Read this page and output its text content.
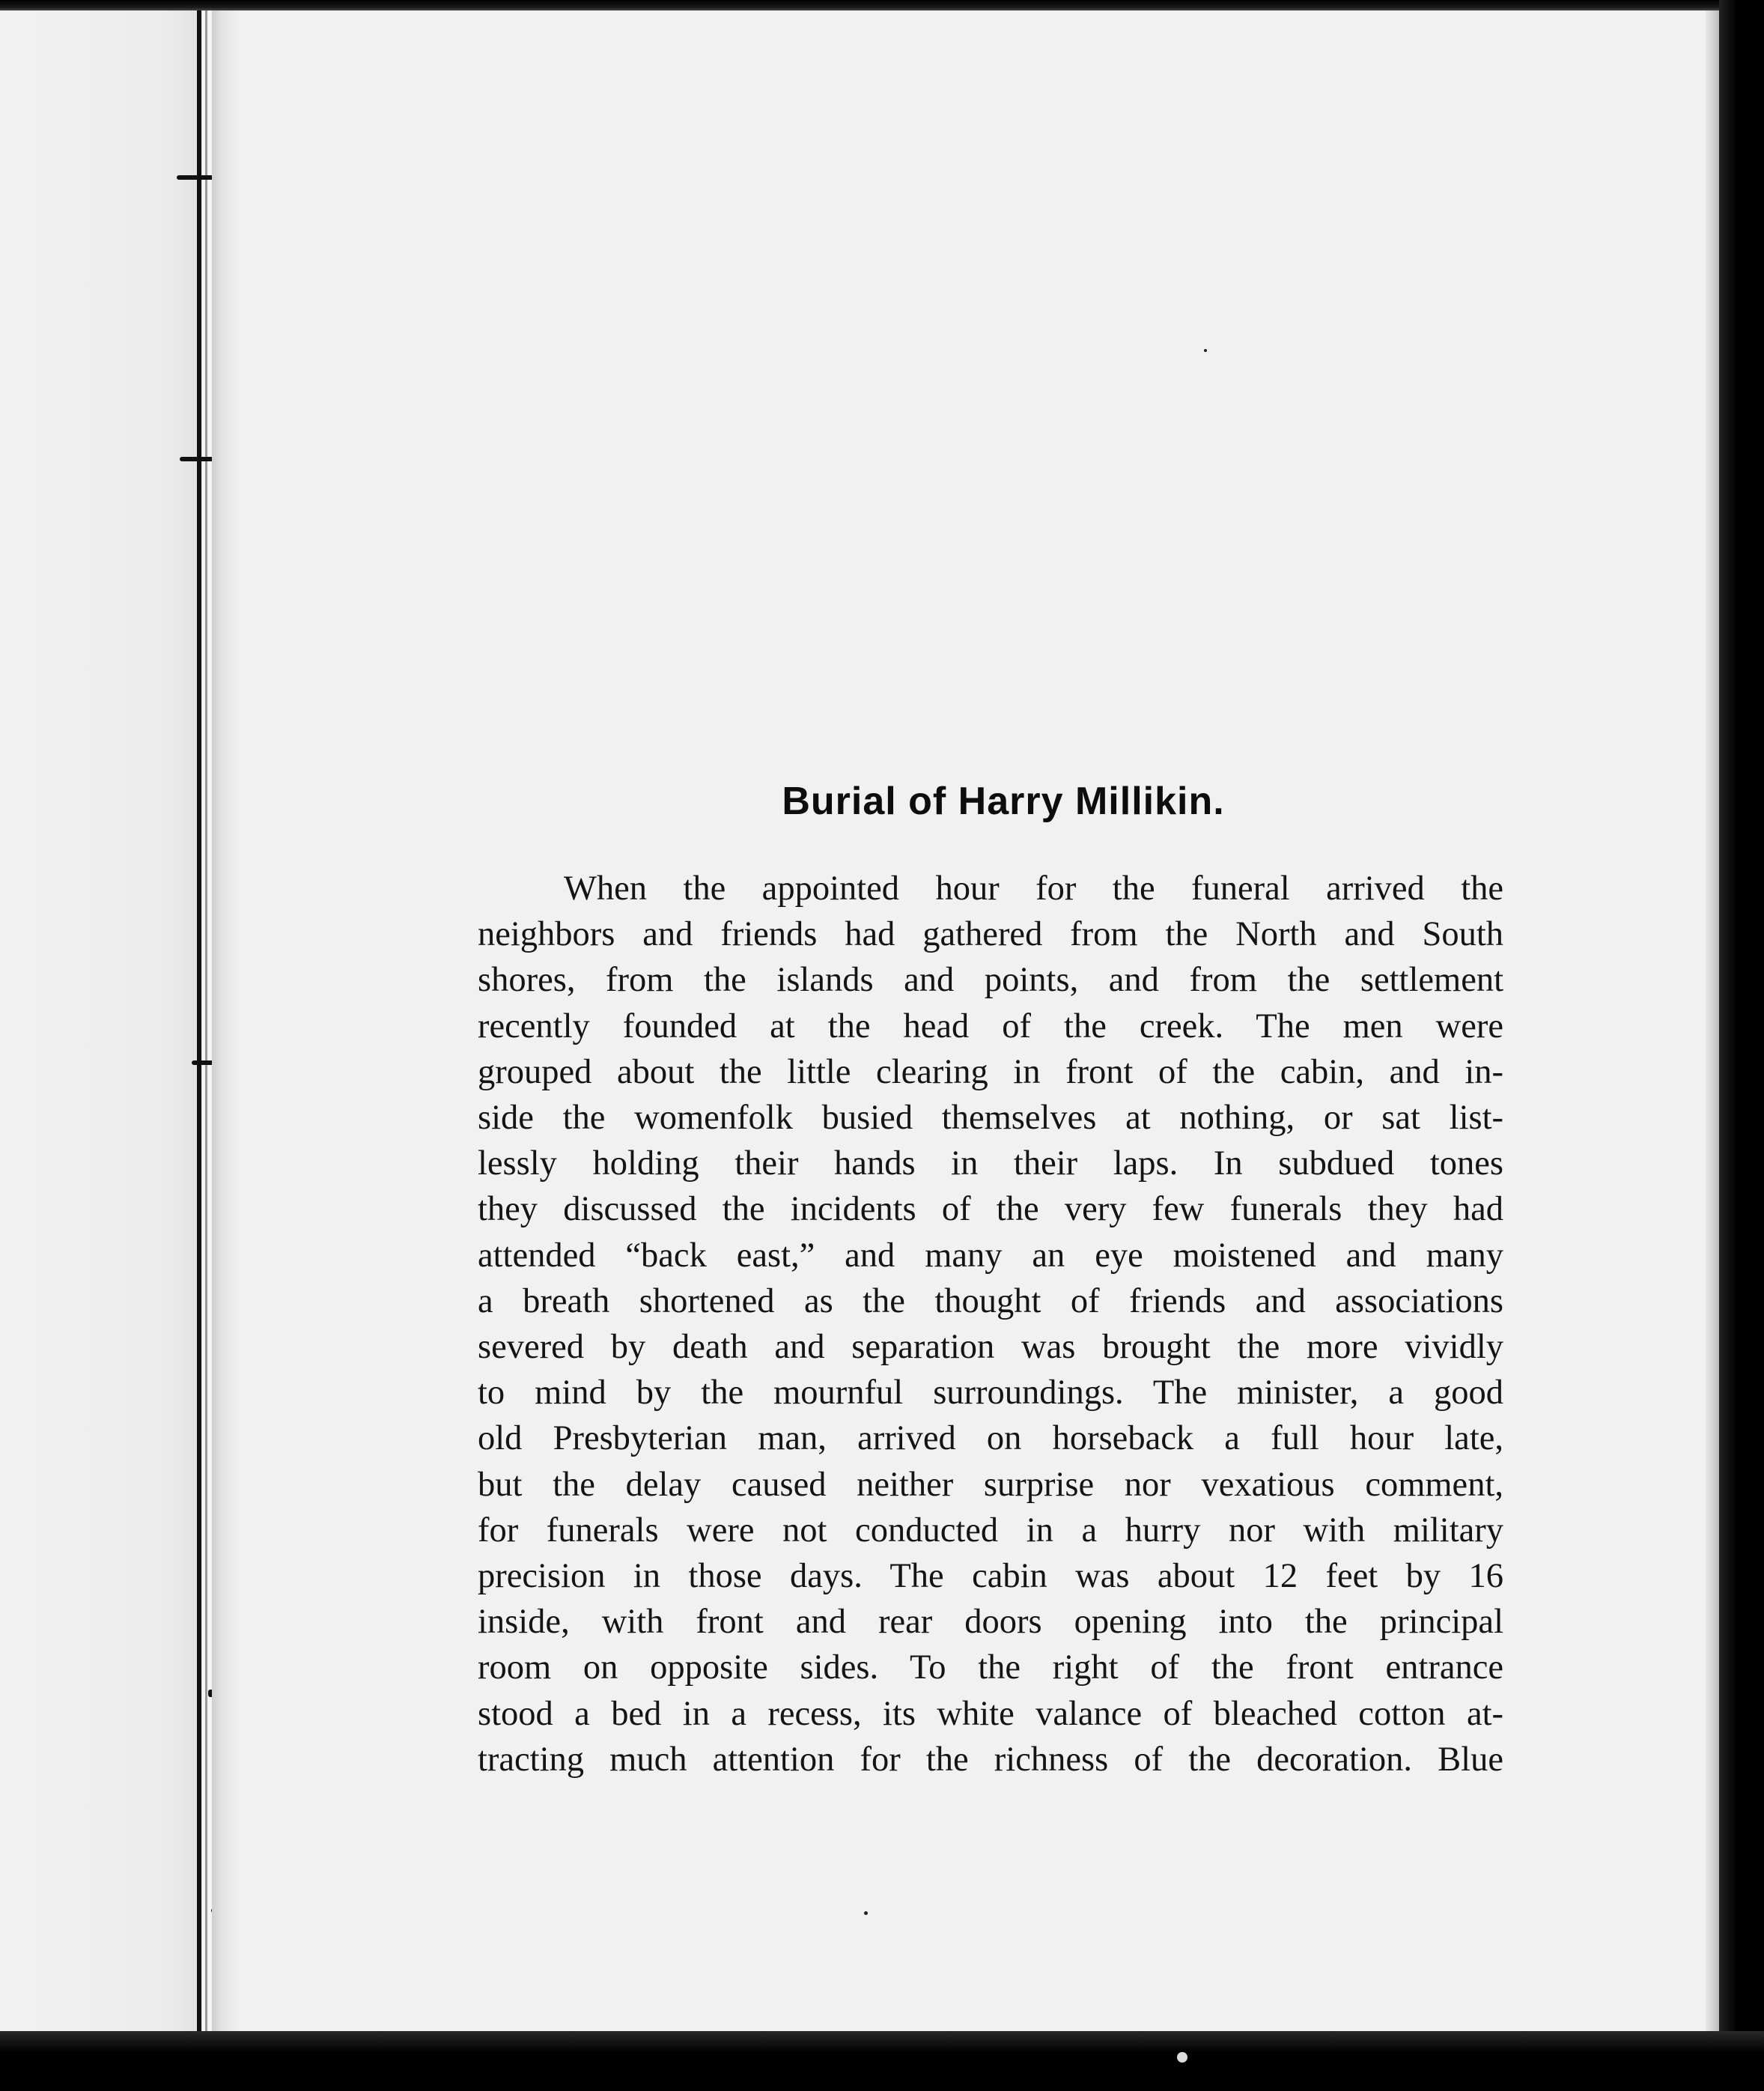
Burial of Harry Millikin.
When the appointed hour for the funeral arrived the
neighbors and friends had gathered from the North and South
shores, from the islands and points, and from the settlement
recently founded at the head of the creek. The men were
grouped about the little clearing in front of the cabin, and in-
side the womenfolk busied themselves at nothing, or sat list-
lessly holding their hands in their laps. In subdued tones
they discussed the incidents of the very few funerals they had
attended “back east,” and many an eye moistened and many
a breath shortened as the thought of friends and associations
severed by death and separation was brought the more vividly
to mind by the mournful surroundings. The minister, a good
old Presbyterian man, arrived on horseback a full hour late,
but the delay caused neither surprise nor vexatious comment,
for funerals were not conducted in a hurry nor with military
precision in those days. The cabin was about 12 feet by 16
inside, with front and rear doors opening into the principal
room on opposite sides. To the right of the front entrance
stood a bed in a recess, its white valance of bleached cotton at-
tracting much attention for the richness of the decoration. Blue
